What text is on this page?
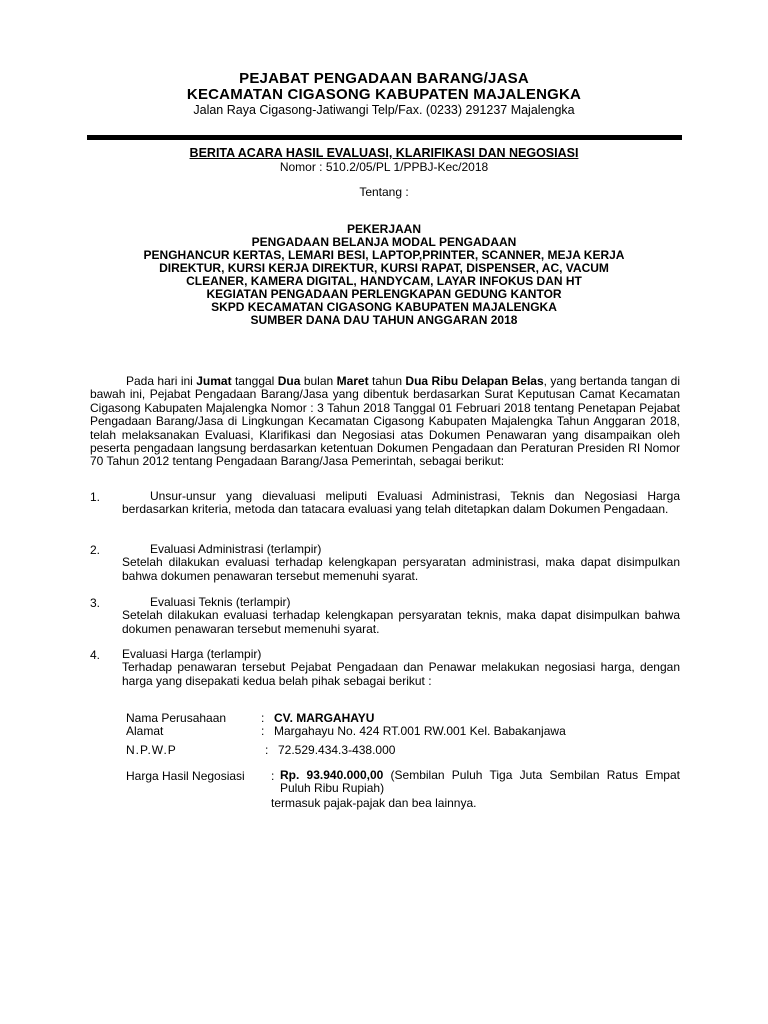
PEJABAT PENGADAAN BARANG/JASA
KECAMATAN CIGASONG KABUPATEN MAJALENGKA
Jalan Raya Cigasong-Jatiwangi Telp/Fax. (0233) 291237 Majalengka
BERITA ACARA HASIL EVALUASI, KLARIFIKASI DAN NEGOSIASI
Nomor : 510.2/05/PL 1/PPBJ-Kec/2018
Tentang :
PEKERJAAN
PENGADAAN BELANJA MODAL PENGADAAN
PENGHANCUR KERTAS, LEMARI BESI, LAPTOP,PRINTER, SCANNER, MEJA KERJA
DIREKTUR, KURSI KERJA DIREKTUR, KURSI RAPAT, DISPENSER, AC, VACUM
CLEANER, KAMERA DIGITAL, HANDYCAM, LAYAR INFOKUS DAN HT
KEGIATAN PENGADAAN PERLENGKAPAN GEDUNG KANTOR
SKPD KECAMATAN CIGASONG KABUPATEN MAJALENGKA
SUMBER DANA DAU TAHUN ANGGARAN 2018
Pada hari ini Jumat tanggal Dua bulan Maret tahun Dua Ribu Delapan Belas, yang bertanda tangan di bawah ini, Pejabat Pengadaan Barang/Jasa yang dibentuk berdasarkan Surat Keputusan Camat Kecamatan Cigasong Kabupaten Majalengka Nomor : 3 Tahun 2018 Tanggal 01 Februari 2018 tentang Penetapan Pejabat Pengadaan Barang/Jasa di Lingkungan Kecamatan Cigasong Kabupaten Majalengka Tahun Anggaran 2018, telah melaksanakan Evaluasi, Klarifikasi dan Negosiasi atas Dokumen Penawaran yang disampaikan oleh peserta pengadaan langsung berdasarkan ketentuan Dokumen Pengadaan dan Peraturan Presiden RI Nomor 70 Tahun 2012 tentang Pengadaan Barang/Jasa Pemerintah, sebagai berikut:
1.	Unsur-unsur yang dievaluasi meliputi Evaluasi Administrasi, Teknis dan Negosiasi Harga berdasarkan kriteria, metoda dan tatacara evaluasi yang telah ditetapkan dalam Dokumen Pengadaan.
2.	Evaluasi Administrasi (terlampir)
Setelah dilakukan evaluasi terhadap kelengkapan persyaratan administrasi, maka dapat disimpulkan bahwa dokumen penawaran tersebut memenuhi syarat.
3.	Evaluasi Teknis (terlampir)
Setelah dilakukan evaluasi terhadap kelengkapan persyaratan teknis, maka dapat disimpulkan bahwa dokumen penawaran tersebut memenuhi syarat.
4. Evaluasi Harga (terlampir)
Terhadap penawaran tersebut Pejabat Pengadaan dan Penawar melakukan negosiasi harga, dengan harga yang disepakati kedua belah pihak sebagai berikut :
Nama Perusahaan	: CV. MARGAHAYU
Alamat	: Margahayu No. 424 RT.001 RW.001 Kel. Babakanjawa
N.P.W.P	: 72.529.434.3-438.000
Harga Hasil Negosiasi : Rp. 93.940.000,00 (Sembilan Puluh Tiga Juta Sembilan Ratus Empat Puluh Ribu Rupiah)
termasuk pajak-pajak dan bea lainnya.
